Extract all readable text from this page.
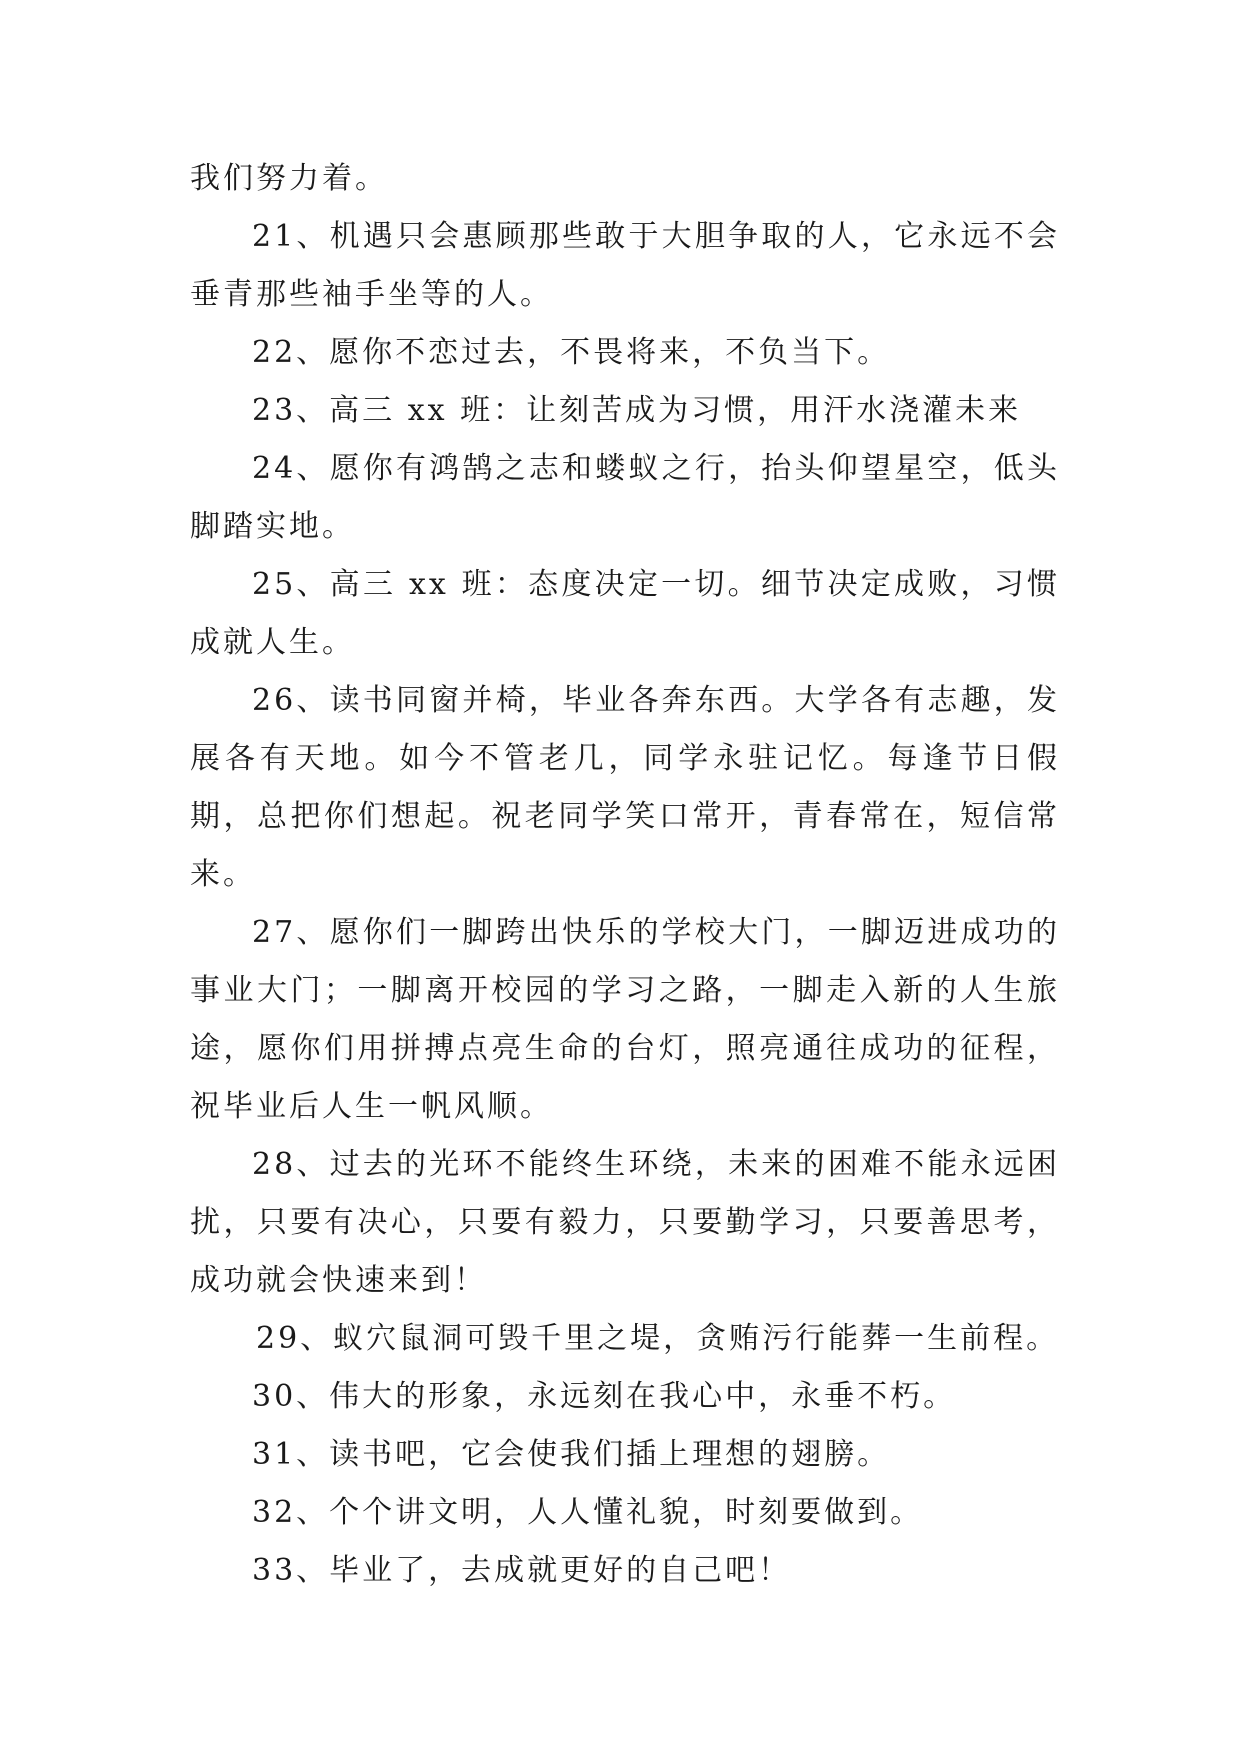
我们努力着。

21、机遇只会惠顾那些敢于大胆争取的人，它永远不会垂青那些袖手坐等的人。

22、愿你不恋过去，不畏将来，不负当下。

23、高三 xx 班：让刻苦成为习惯，用汗水浇灌未来

24、愿你有鸿鹄之志和蝼蚁之行，抬头仰望星空，低头脚踏实地。

25、高三 xx 班：态度决定一切。细节决定成败，习惯成就人生。

26、读书同窗并椅，毕业各奔东西。大学各有志趣，发展各有天地。如今不管老几，同学永驻记忆。每逢节日假期，总把你们想起。祝老同学笑口常开，青春常在，短信常来。

27、愿你们一脚跨出快乐的学校大门，一脚迈进成功的事业大门；一脚离开校园的学习之路，一脚走入新的人生旅途，愿你们用拼搏点亮生命的台灯，照亮通往成功的征程，祝毕业后人生一帆风顺。

28、过去的光环不能终生环绕，未来的困难不能永远困扰，只要有决心，只要有毅力，只要勤学习，只要善思考，成功就会快速来到！

29、蚁穴鼠洞可毁千里之堤，贪贿污行能葬一生前程。

30、伟大的形象，永远刻在我心中，永垂不朽。

31、读书吧，它会使我们插上理想的翅膀。

32、个个讲文明，人人懂礼貌，时刻要做到。

33、毕业了，去成就更好的自己吧！
